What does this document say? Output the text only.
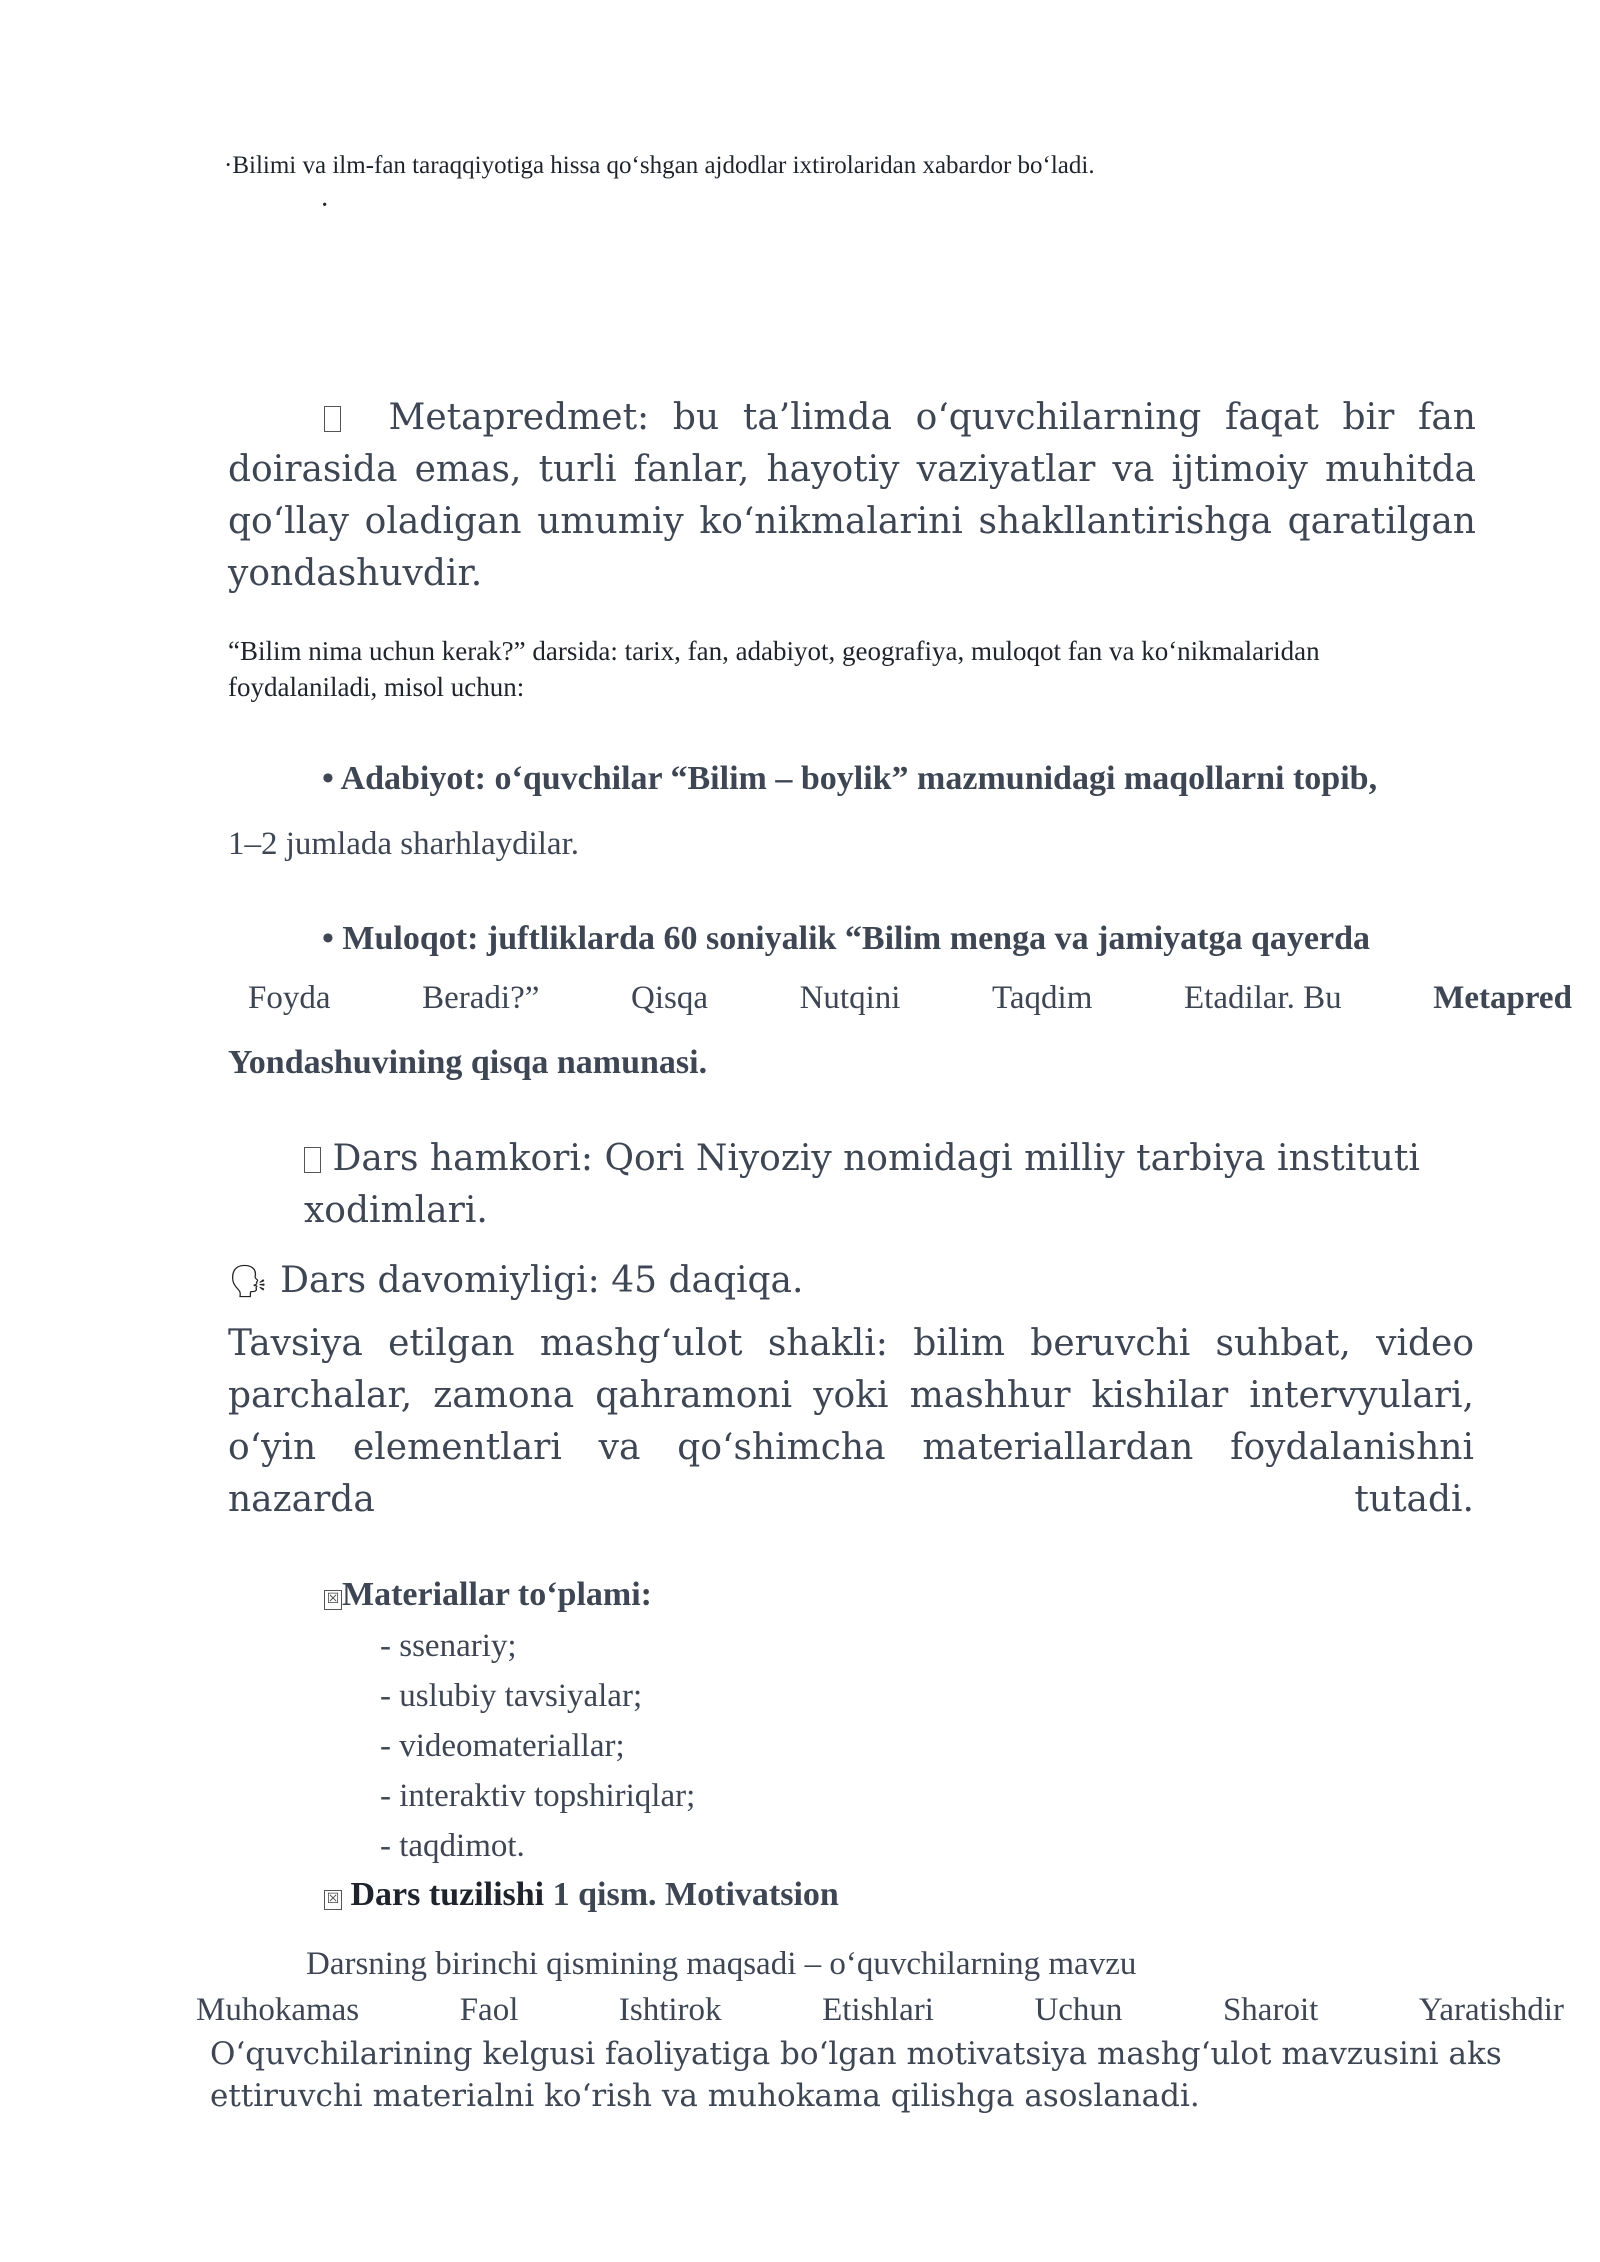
·Bilimi va ilm-fan taraqqiyotiga hissa qoʻshgan ajdodlar ixtirolaridan xabardor boʻladi.
·
Metapredmet: bu ta’limda oʻquvchilarning faqat bir fan doirasida emas, turli fanlar, hayotiy vaziyatlar va ijtimoiy muhitda qoʻllay oladigan umumiy koʻnikmalarini shakllantirishga qaratilgan yondashuvdir.
“Bilim nima uchun kerak?” darsida: tarix, fan, adabiyot, geografiya, muloqot fan va koʻnikmalaridan
foydalaniladi, misol uchun:
• Adabiyot: oʻquvchilar “Bilim – boylik” mazmunidagi maqollarni topib,
1–2 jumlada sharhlaydilar.
• Muloqot: juftliklarda 60 soniyalik “Bilim menga va jamiyatga qayerda
Foyda	Beradi?”	Qisqa	Nutqini	Taqdim	Etadilar. Bu	Metapred
Yondashuvining qisqa namunasi.
Dars hamkori: Qori Niyoziy nomidagi milliy tarbiya instituti
xodimlari.
🗣 Dars davomiyligi: 45 daqiqa.
Tavsiya etilgan mashgʻulot shakli: bilim beruvchi suhbat, video parchalar, zamona qahramoni yoki mashhur kishilar intervyulari, oʻyin elementlari va qoʻshimcha materiallardan foydalanishni nazarda tutadi.
☒Materiallar toʻplami:
- ssenariy;
- uslubiy tavsiyalar;
- videomateriallar;
- interaktiv topshiriqlar;
- taqdimot.
☒ Dars tuzilishi 1 qism. Motivatsion
Darsning birinchi qismining maqsadi – oʻquvchilarning mavzu
Muhokamas	Faol	Ishtirok	Etishlari	Uchun	Sharoit	Yaratishdir
Oʻquvchilarining kelgusi faoliyatiga boʻlgan motivatsiya mashgʻulot mavzusini aks
ettiruvchi materialni koʻrish va muhokama qilishga asoslanadi.
